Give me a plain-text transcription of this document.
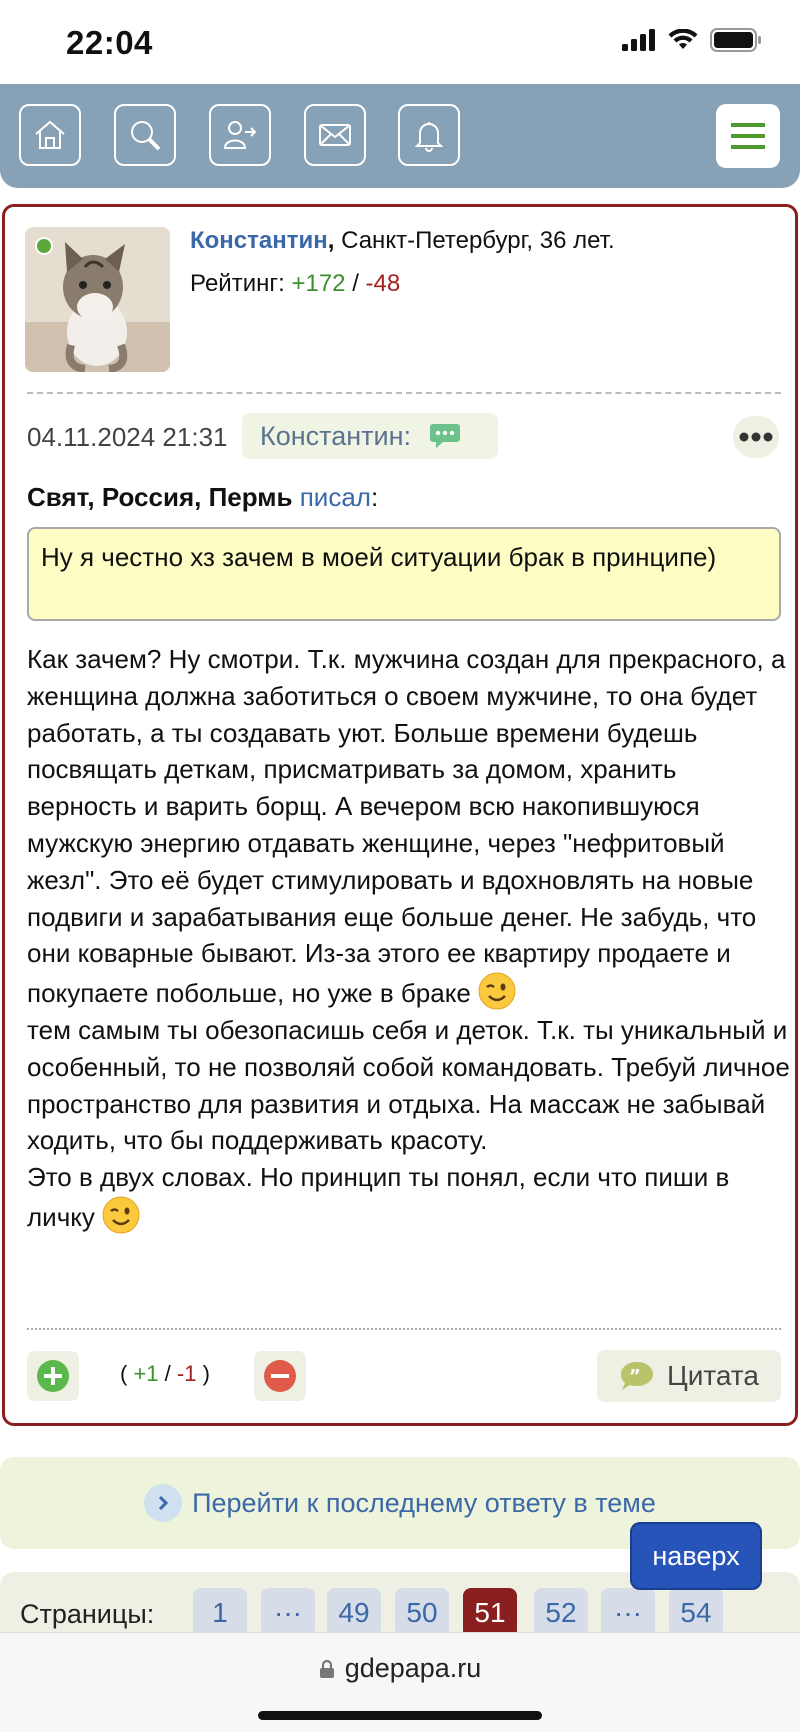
22:04
Константин, Санкт-Петербург, 36 лет.
Рейтинг: +172 / -48
04.11.2024 21:31 Константин:
Свят, Россия, Пермь писал:
Ну я честно хз зачем в моей ситуации брак в принципе)
Как зачем? Ну смотри. Т.к. мужчина создан для прекрасного, а женщина должна заботиться о своем мужчине, то она будет работать, а ты создавать уют. Больше времени будешь посвящать деткам, присматривать за домом, хранить верность и варить борщ. А вечером всю накопившуюся мужскую энергию отдавать женщине, через "нефритовый жезл". Это её будет стимулировать и вдохновлять на новые подвиги и зарабатывания еще больше денег. Не забудь, что они коварные бывают. Из-за этого ее квартиру продаете и покупаете побольше, но уже в браке
тем самым ты обезопасишь себя и деток. Т.к. ты уникальный и особенный, то не позволяй собой командовать. Требуй личное пространство для развития и отдыха. На массаж не забывай ходить, что бы поддерживать красоту.
Это в двух словах. Но принцип ты понял, если что пиши в личку
( +1 / -1 )	” Цитата
Перейти к последнему ответу в теме
Страницы:	1	···	49	50	51	52	···	54
наверх
gdepapa.ru
